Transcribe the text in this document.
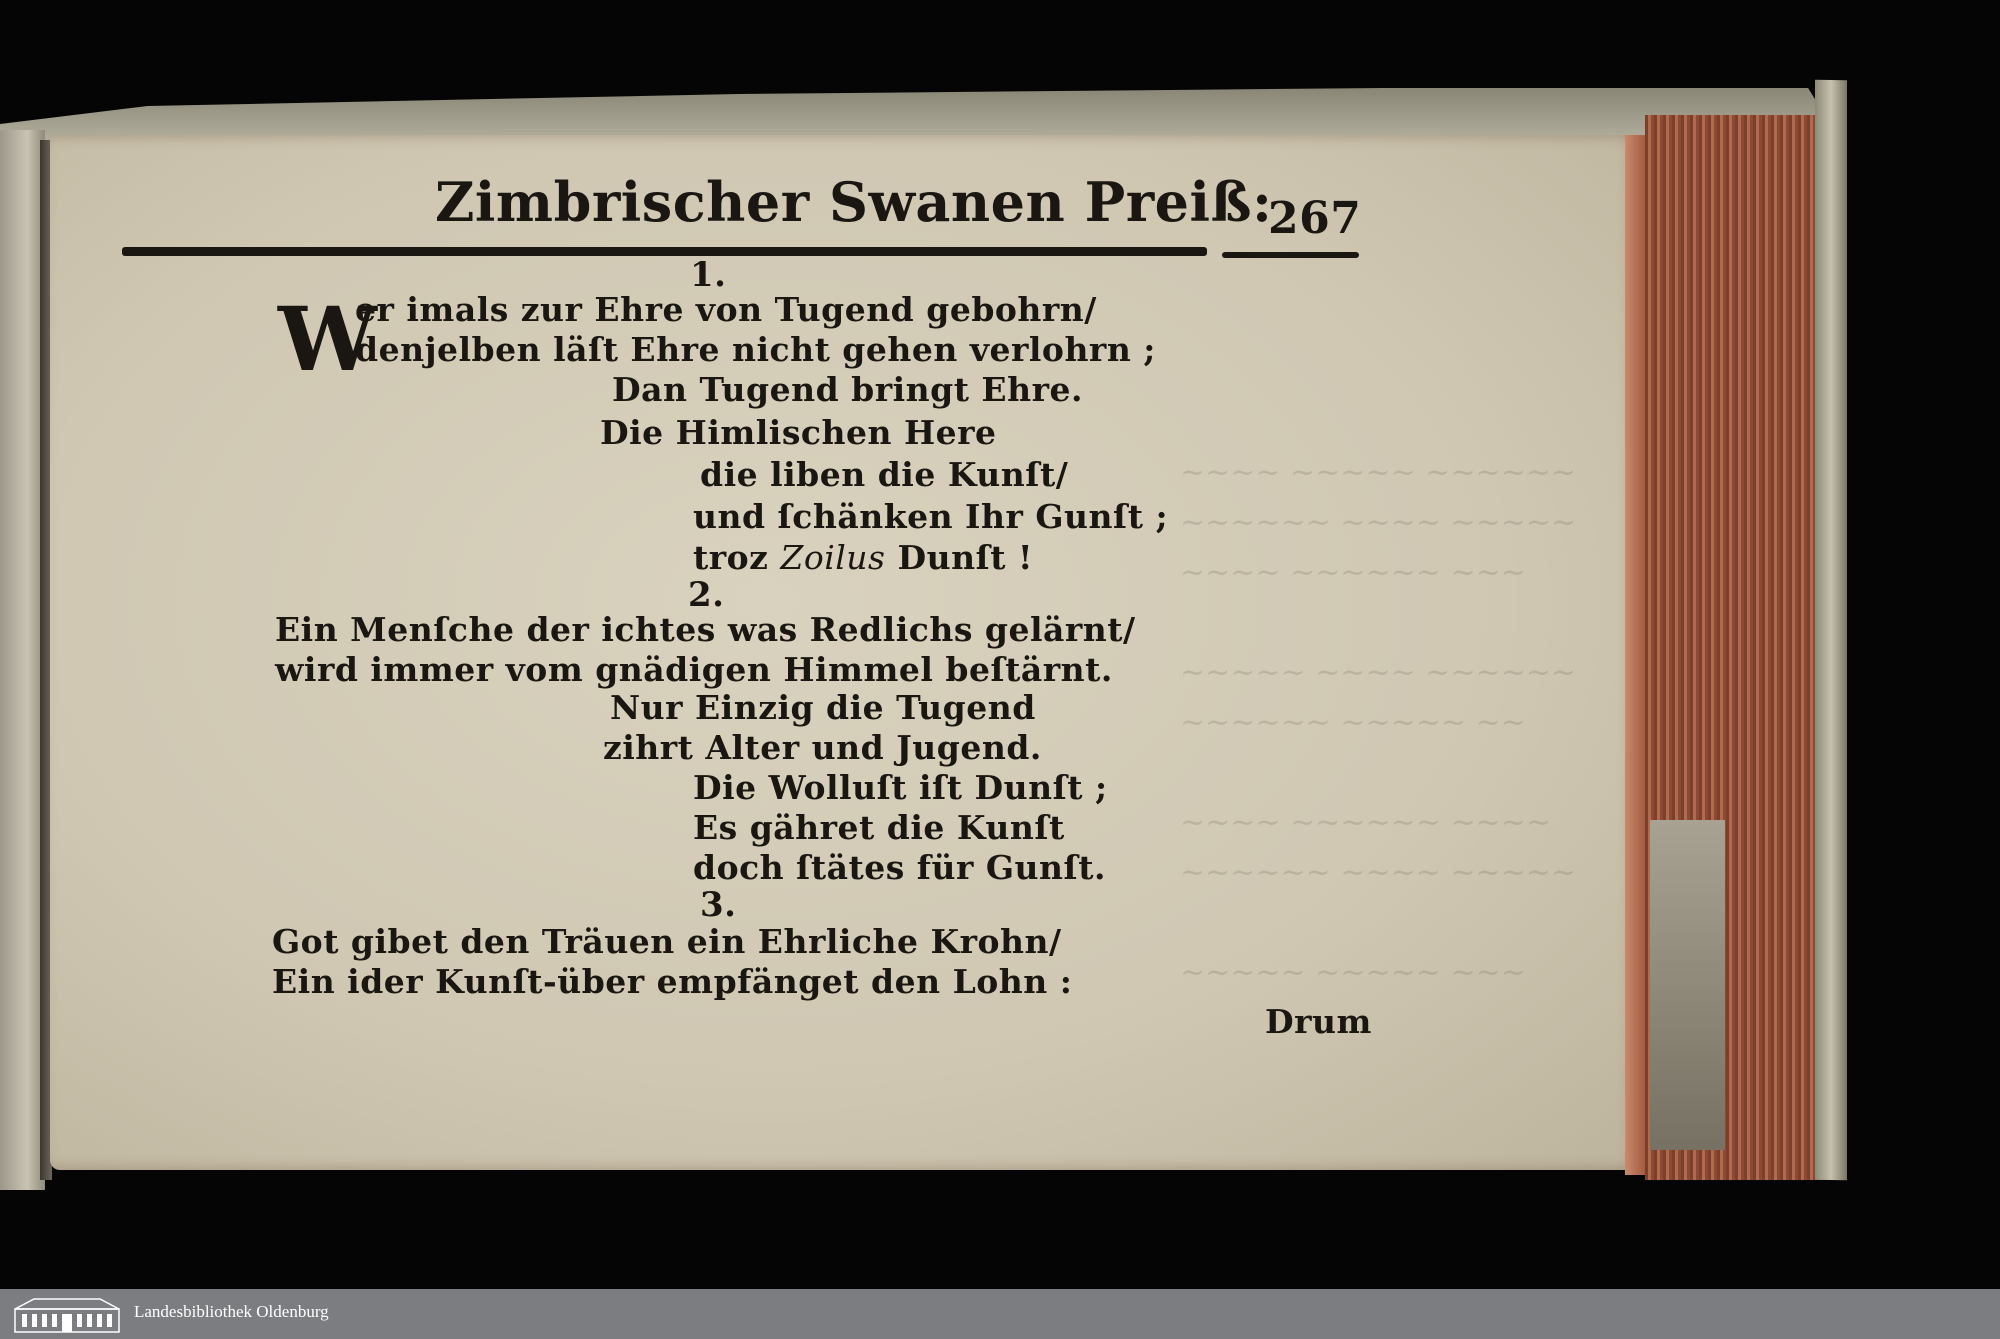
~~~~ ~~~~~ ~~~~~~
~~~~~~ ~~~~ ~~~~~
~~~~ ~~~~~~ ~~~
~~~~~ ~~~~ ~~~~~~
~~~~~~ ~~~~~ ~~
~~~~ ~~~~~~ ~~~~
~~~~~~ ~~~~ ~~~~~
~~~~~ ~~~~~ ~~~
Zimbrischer Swanen Preiß:
267
1.
W
er imals zur Ehre von Tugend gebohrn/
denjelben läſt Ehre nicht gehen verlohrn ;
Dan Tugend bringt Ehre.
Die Himlischen Here
die liben die Kunſt/
und ſchänken Ihr Gunſt ;
troz Zoilus Dunſt !
2.
Ein Menſche der ichtes was Redlichs gelärnt/
wird immer vom gnädigen Himmel beſtärnt.
Nur Einzig die Tugend
zihrt Alter und Jugend.
Die Wolluſt iſt Dunſt ;
Es gähret die Kunſt
doch ſtätes für Gunſt.
3.
Got gibet den Träuen ein Ehrliche Krohn/
Ein ider Kunſt-über empfänget den Lohn :
Drum
Landesbibliothek Oldenburg
